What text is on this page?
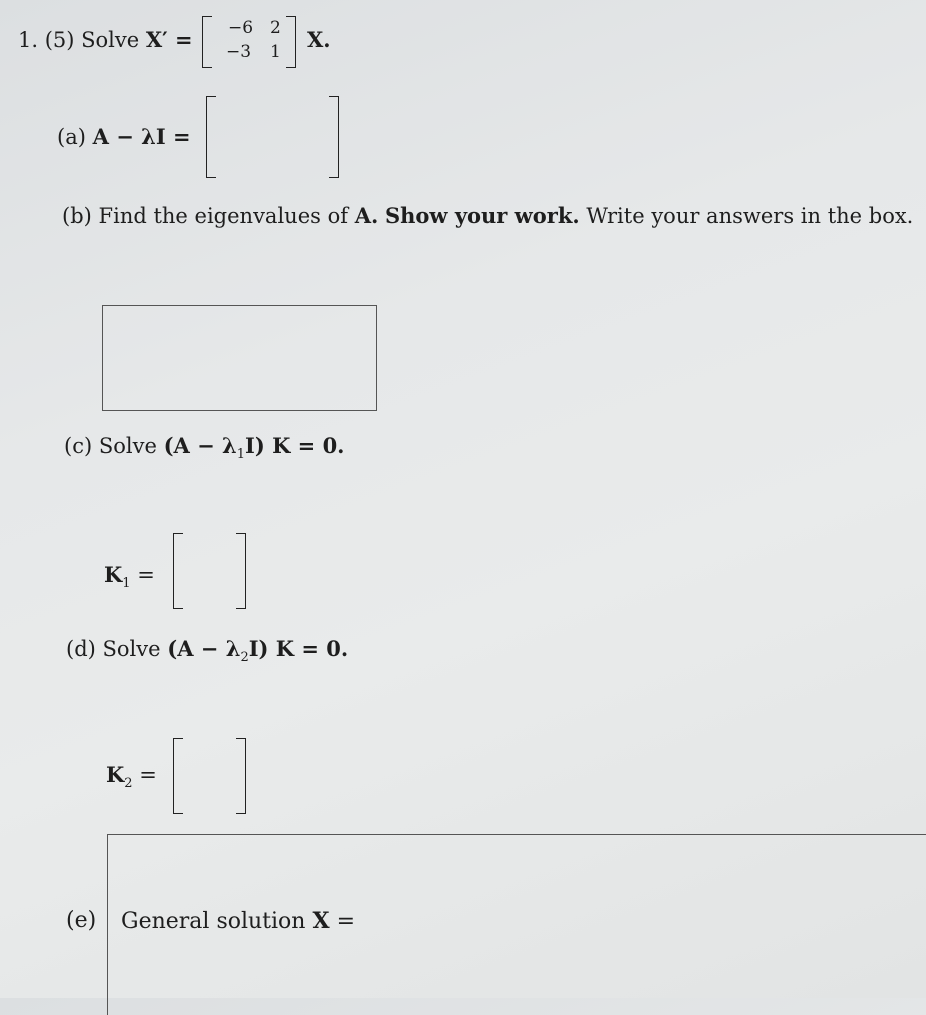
1. (5) Solve X′ = −6 2
−3 1 X.
(a) A − λI =
(b) Find the eigenvalues of A. Show your work. Write your answers in the box.
(c) Solve $(A - \lambda_1I)$ K = 0.
$K_1$ =
(d) Solve $(A - \lambda_2I)$ K = 0.
$K_2$ =
(e) General solution X =
